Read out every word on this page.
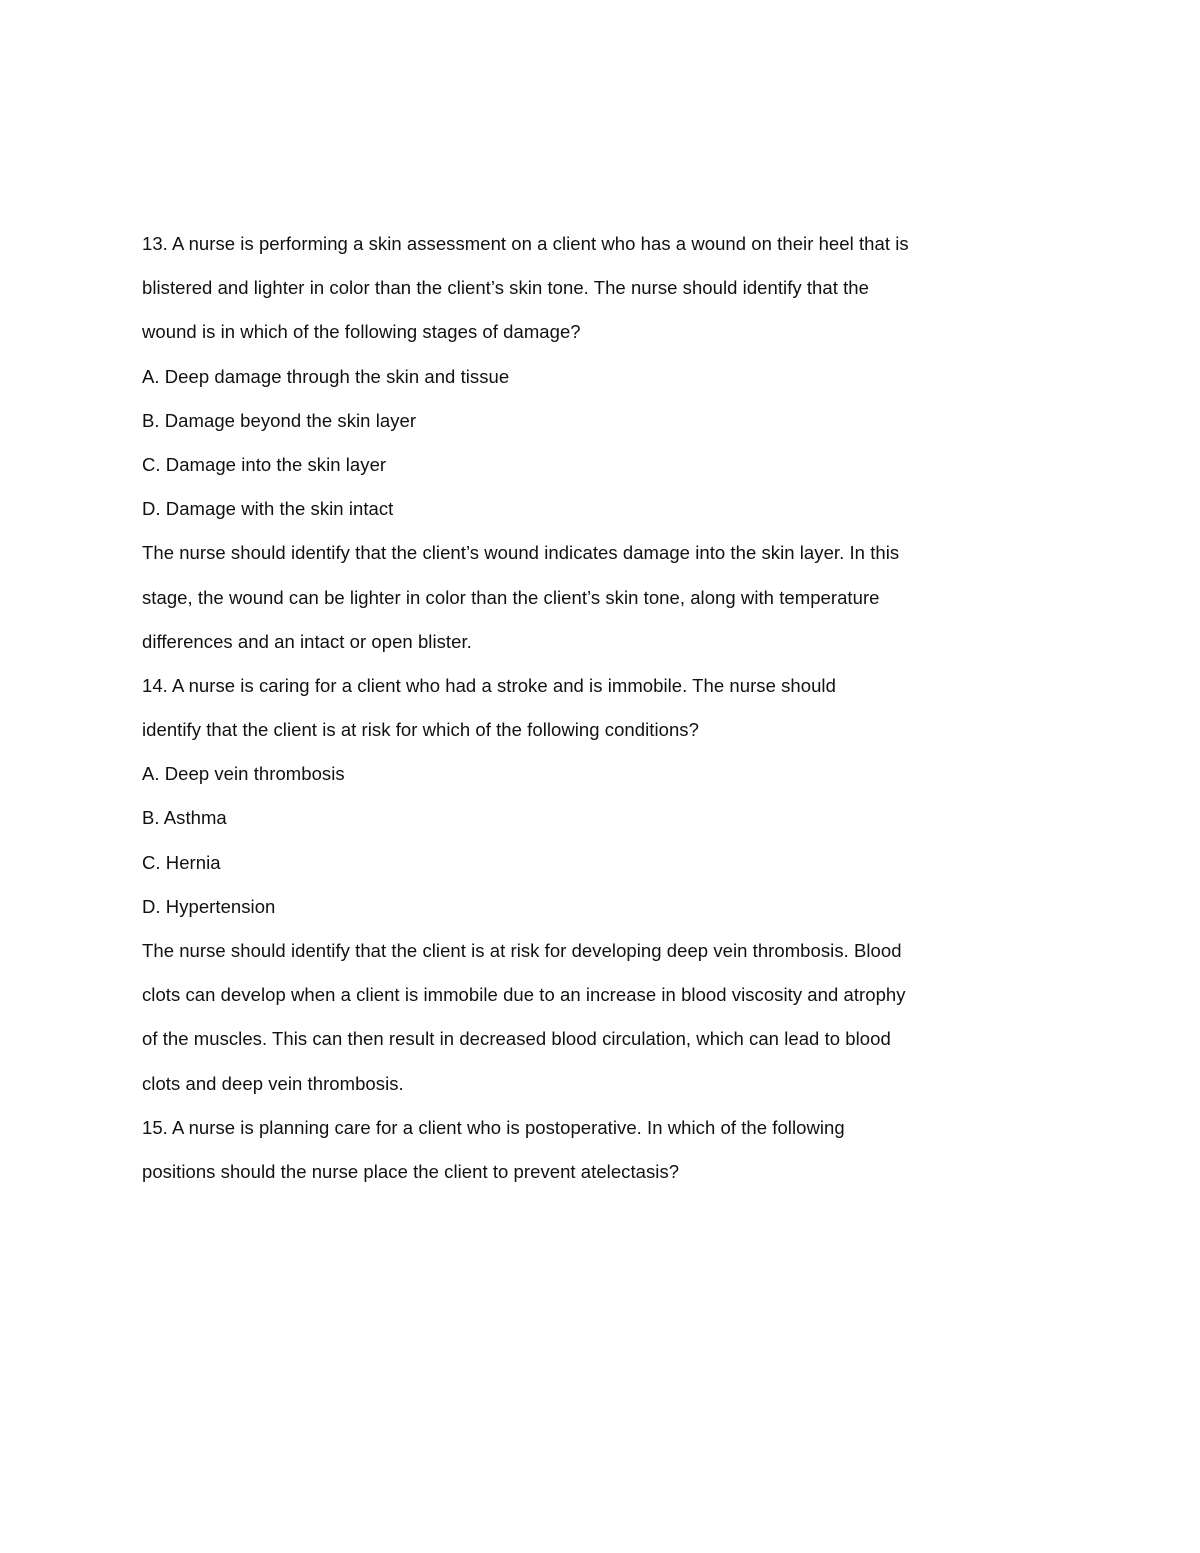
13. A nurse is performing a skin assessment on a client who has a wound on their heel that is
blistered and lighter in color than the client’s skin tone. The nurse should identify that the
wound is in which of the following stages of damage?
A. Deep damage through the skin and tissue
B. Damage beyond the skin layer
C. Damage into the skin layer
D. Damage with the skin intact
The nurse should identify that the client’s wound indicates damage into the skin layer. In this
stage, the wound can be lighter in color than the client’s skin tone, along with temperature
differences and an intact or open blister.
14. A nurse is caring for a client who had a stroke and is immobile. The nurse should
identify that the client is at risk for which of the following conditions?
A. Deep vein thrombosis
B. Asthma
C. Hernia
D. Hypertension
The nurse should identify that the client is at risk for developing deep vein thrombosis. Blood
clots can develop when a client is immobile due to an increase in blood viscosity and atrophy
of the muscles. This can then result in decreased blood circulation, which can lead to blood
clots and deep vein thrombosis.
15. A nurse is planning care for a client who is postoperative. In which of the following
positions should the nurse place the client to prevent atelectasis?
